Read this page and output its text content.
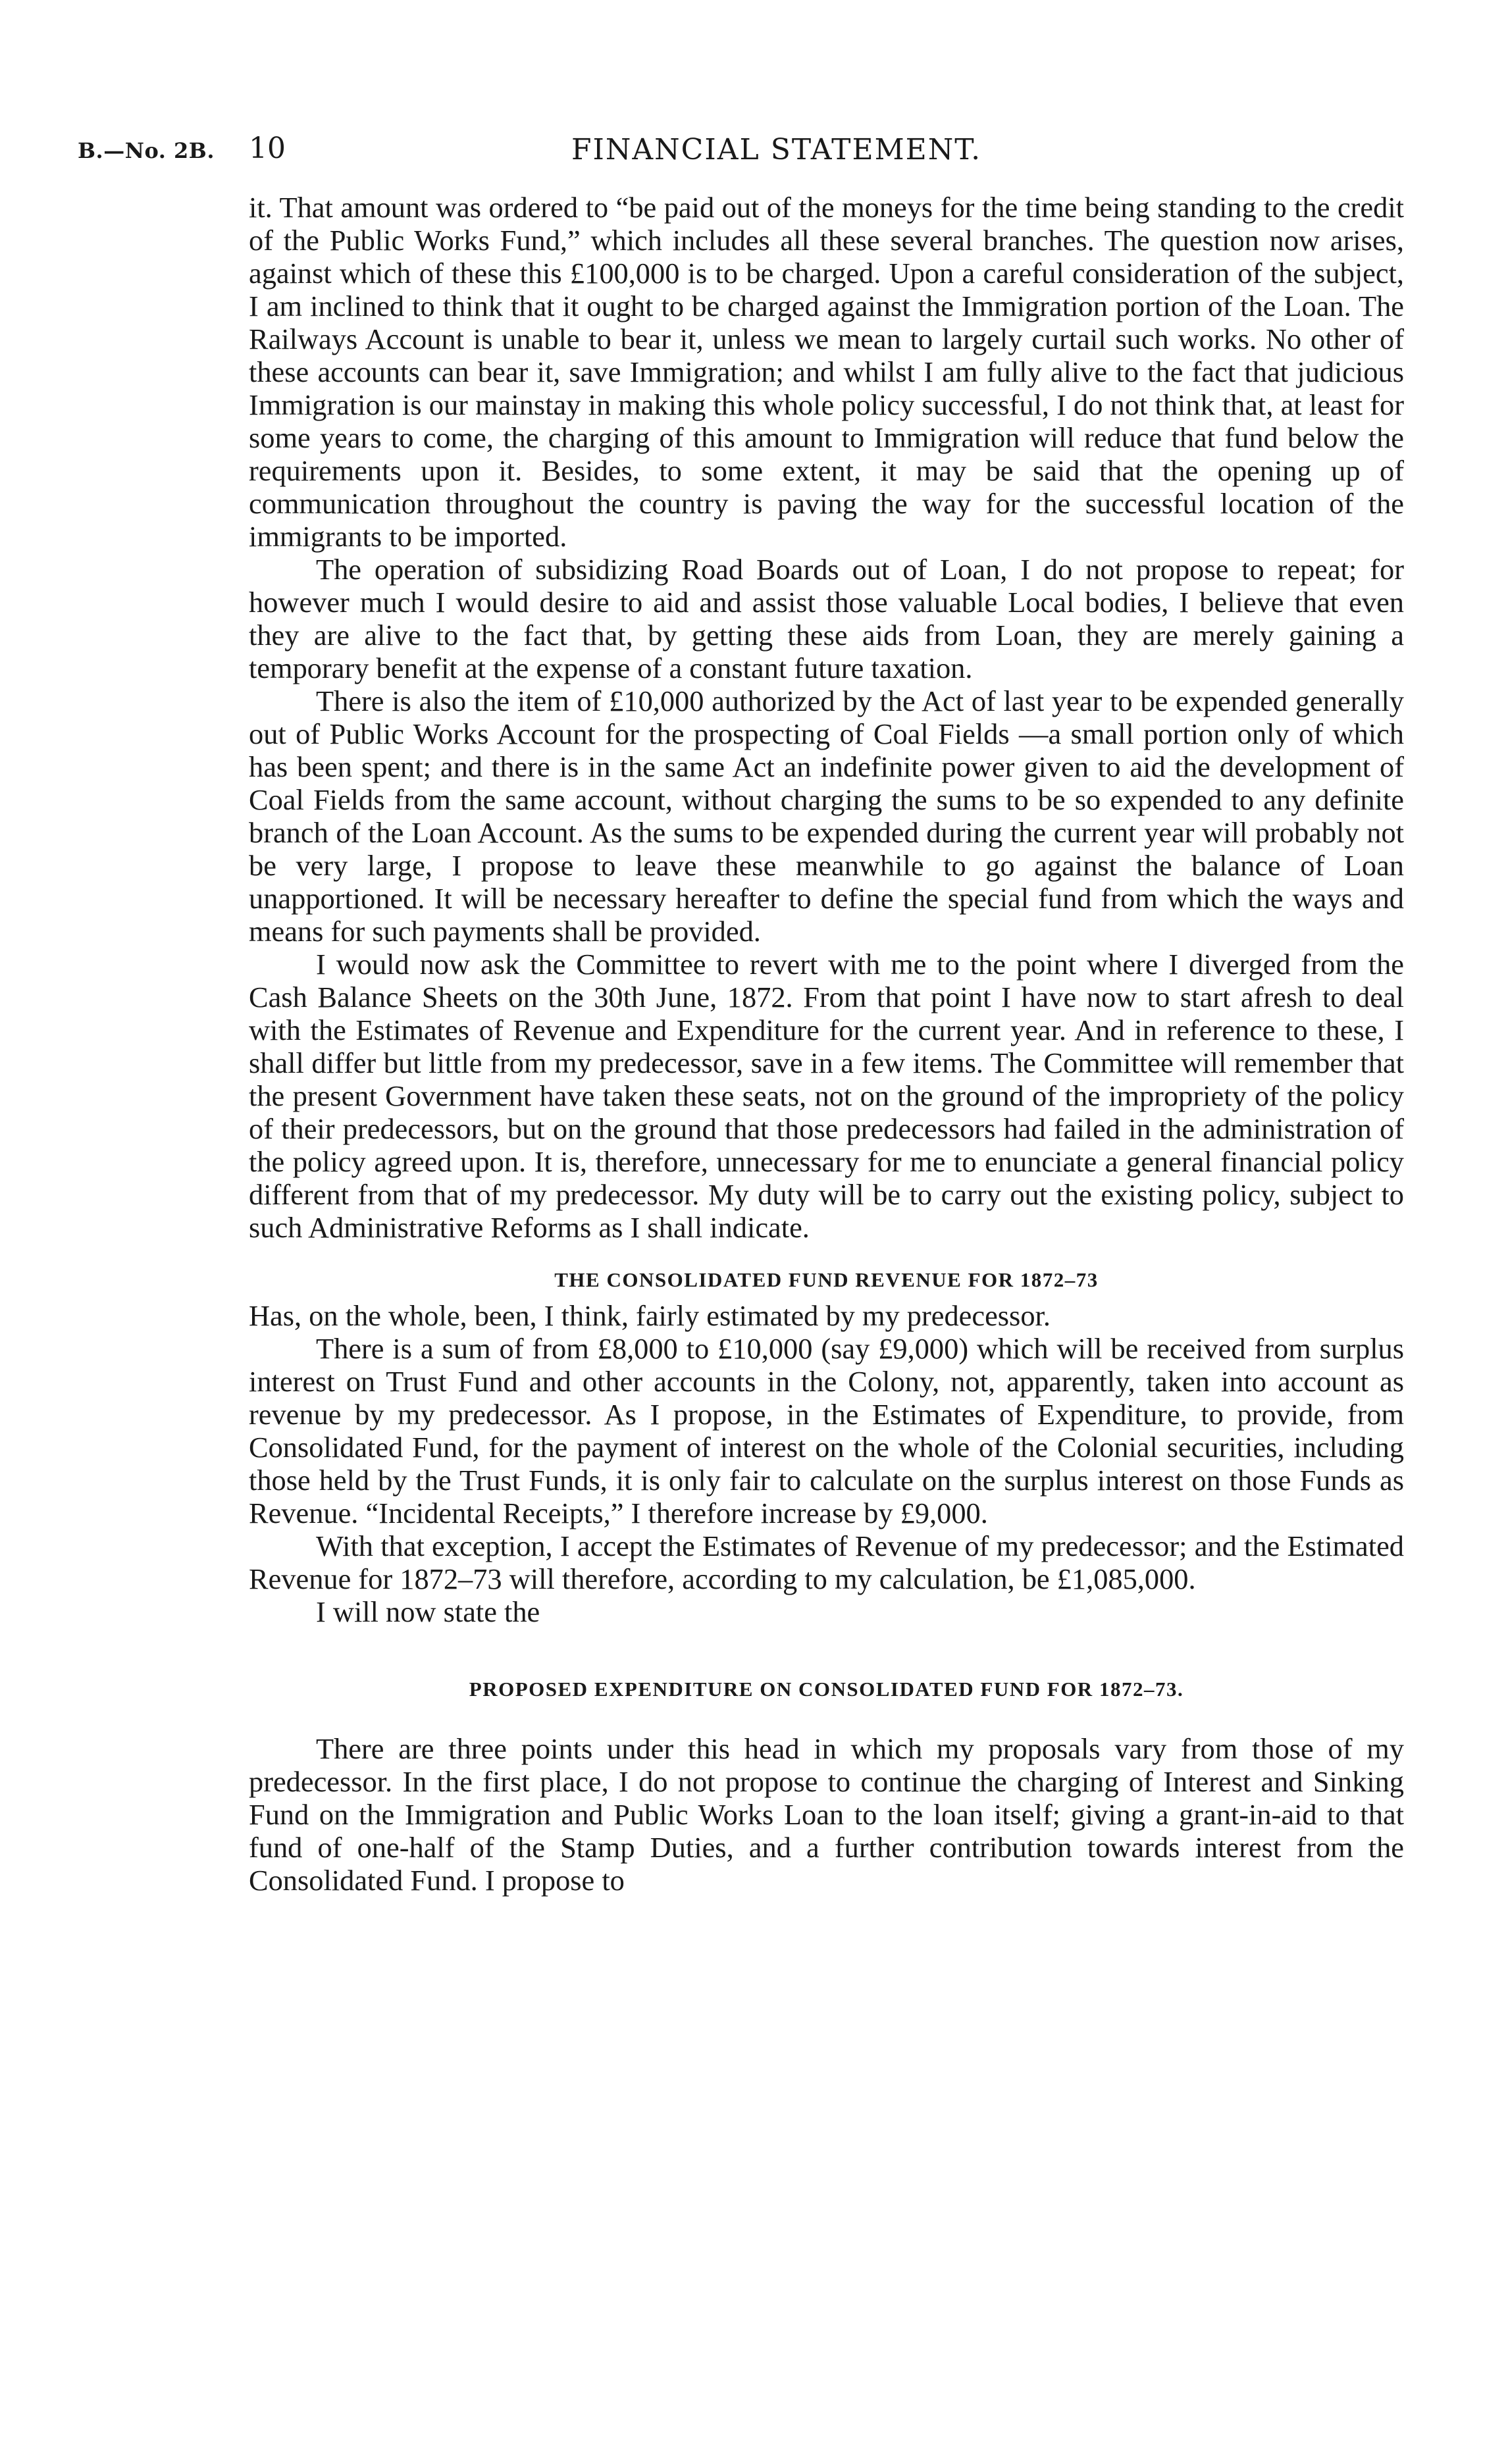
B.—No. 2B. 10	FINANCIAL STATEMENT.

it. That amount was ordered to “be paid out of the moneys for the time being standing to the credit of the Public Works Fund,” which includes all these several branches. The question now arises, against which of these this £100,000 is to be charged. Upon a careful consideration of the subject, I am inclined to think that it ought to be charged against the Immigration portion of the Loan. The Railways Account is unable to bear it, unless we mean to largely curtail such works. No other of these accounts can bear it, save Immigration; and whilst I am fully alive to the fact that judicious Immigration is our mainstay in making this whole policy successful, I do not think that, at least for some years to come, the charging of this amount to Immigration will reduce that fund below the requirements upon it. Besides, to some extent, it may be said that the opening up of communication throughout the country is paving the way for the successful location of the immigrants to be imported.

The operation of subsidizing Road Boards out of Loan, I do not propose to repeat; for however much I would desire to aid and assist those valuable Local bodies, I believe that even they are alive to the fact that, by getting these aids from Loan, they are merely gaining a temporary benefit at the expense of a constant future taxation.

There is also the item of £10,000 authorized by the Act of last year to be expended generally out of Public Works Account for the prospecting of Coal Fields —a small portion only of which has been spent; and there is in the same Act an indefinite power given to aid the development of Coal Fields from the same account, without charging the sums to be so expended to any definite branch of the Loan Account. As the sums to be expended during the current year will probably not be very large, I propose to leave these meanwhile to go against the balance of Loan unapportioned. It will be necessary hereafter to define the special fund from which the ways and means for such payments shall be provided.

I would now ask the Committee to revert with me to the point where I diverged from the Cash Balance Sheets on the 30th June, 1872. From that point I have now to start afresh to deal with the Estimates of Revenue and Expenditure for the current year. And in reference to these, I shall differ but little from my predecessor, save in a few items. The Committee will remember that the present Government have taken these seats, not on the ground of the impropriety of the policy of their predecessors, but on the ground that those predecessors had failed in the administration of the policy agreed upon. It is, therefore, unnecessary for me to enunciate a general financial policy different from that of my predecessor. My duty will be to carry out the existing policy, subject to such Administrative Reforms as I shall indicate.

THE CONSOLIDATED FUND REVENUE FOR 1872–73

Has, on the whole, been, I think, fairly estimated by my predecessor.

There is a sum of from £8,000 to £10,000 (say £9,000) which will be received from surplus interest on Trust Fund and other accounts in the Colony, not, apparently, taken into account as revenue by my predecessor. As I propose, in the Estimates of Expenditure, to provide, from Consolidated Fund, for the payment of interest on the whole of the Colonial securities, including those held by the Trust Funds, it is only fair to calculate on the surplus interest on those Funds as Revenue. “Incidental Receipts,” I therefore increase by £9,000.

With that exception, I accept the Estimates of Revenue of my predecessor; and the Estimated Revenue for 1872–73 will therefore, according to my calculation, be £1,085,000.

I will now state the

PROPOSED EXPENDITURE ON CONSOLIDATED FUND FOR 1872–73.

There are three points under this head in which my proposals vary from those of my predecessor. In the first place, I do not propose to continue the charging of Interest and Sinking Fund on the Immigration and Public Works Loan to the loan itself; giving a grant-in-aid to that fund of one-half of the Stamp Duties, and a further contribution towards interest from the Consolidated Fund. I propose to
